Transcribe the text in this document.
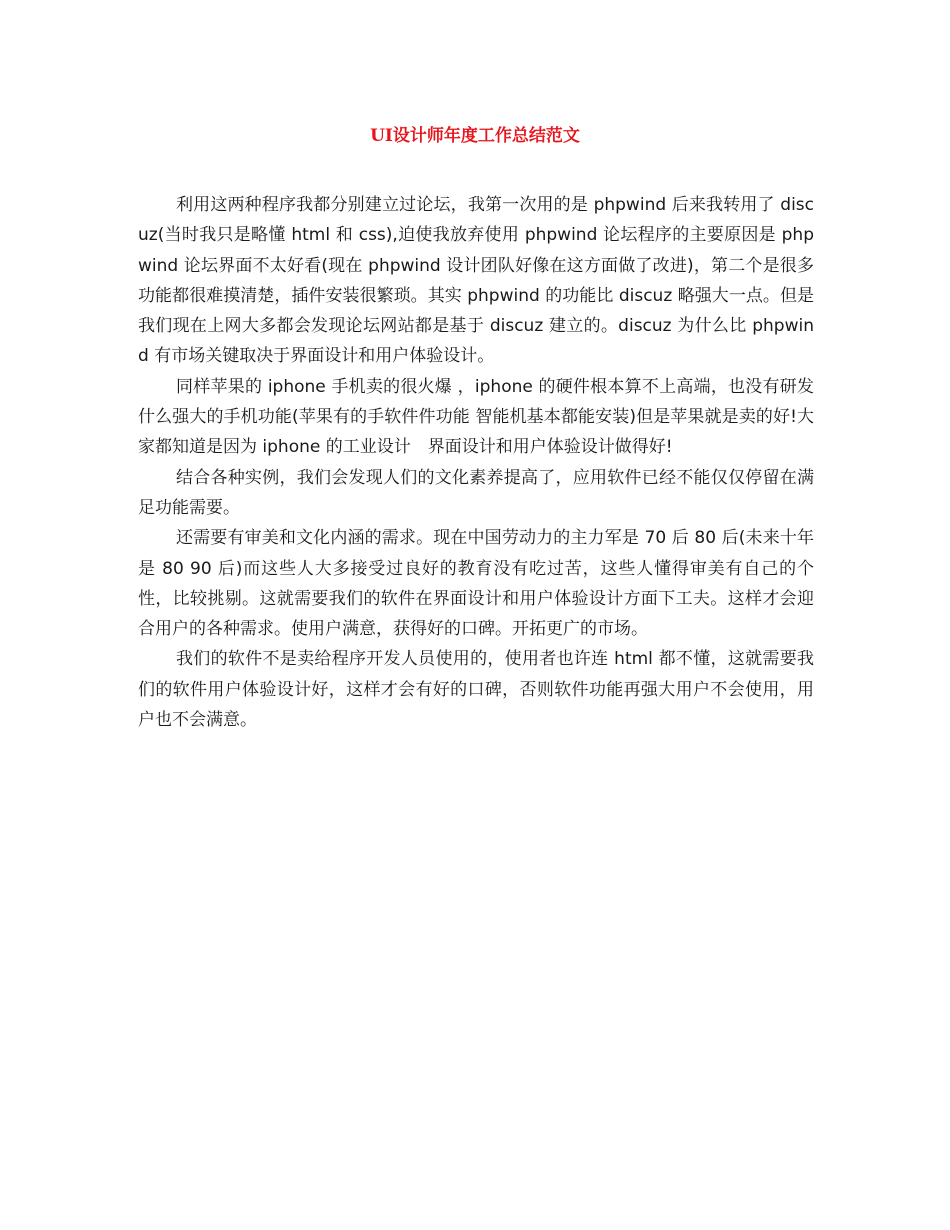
UI设计师年度工作总结范文

利用这两种程序我都分别建立过论坛，我第一次用的是 phpwind 后来我转用了 discuz(当时我只是略懂 html 和 css),迫使我放弃使用 phpwind 论坛程序的主要原因是 phpwind 论坛界面不太好看(现在 phpwind 设计团队好像在这方面做了改进)，第二个是很多功能都很难摸清楚，插件安装很繁琐。其实 phpwind 的功能比 discuz 略强大一点。但是我们现在上网大多都会发现论坛网站都是基于 discuz 建立的。discuz 为什么比 phpwind 有市场关键取决于界面设计和用户体验设计。

同样苹果的 iphone 手机卖的很火爆 ，iphone 的硬件根本算不上高端，也没有研发什么强大的手机功能(苹果有的手软件件功能 智能机基本都能安装)但是苹果就是卖的好!大家都知道是因为 iphone 的工业设计　界面设计和用户体验设计做得好!

结合各种实例，我们会发现人们的文化素养提高了，应用软件已经不能仅仅停留在满足功能需要。

还需要有审美和文化内涵的需求。现在中国劳动力的主力军是 70 后 80 后(未来十年是 80 90 后)而这些人大多接受过良好的教育没有吃过苦，这些人懂得审美有自己的个性，比较挑剔。这就需要我们的软件在界面设计和用户体验设计方面下工夫。这样才会迎合用户的各种需求。使用户满意，获得好的口碑。开拓更广的市场。

我们的软件不是卖给程序开发人员使用的，使用者也许连 html 都不懂，这就需要我们的软件用户体验设计好，这样才会有好的口碑，否则软件功能再强大用户不会使用，用户也不会满意。
